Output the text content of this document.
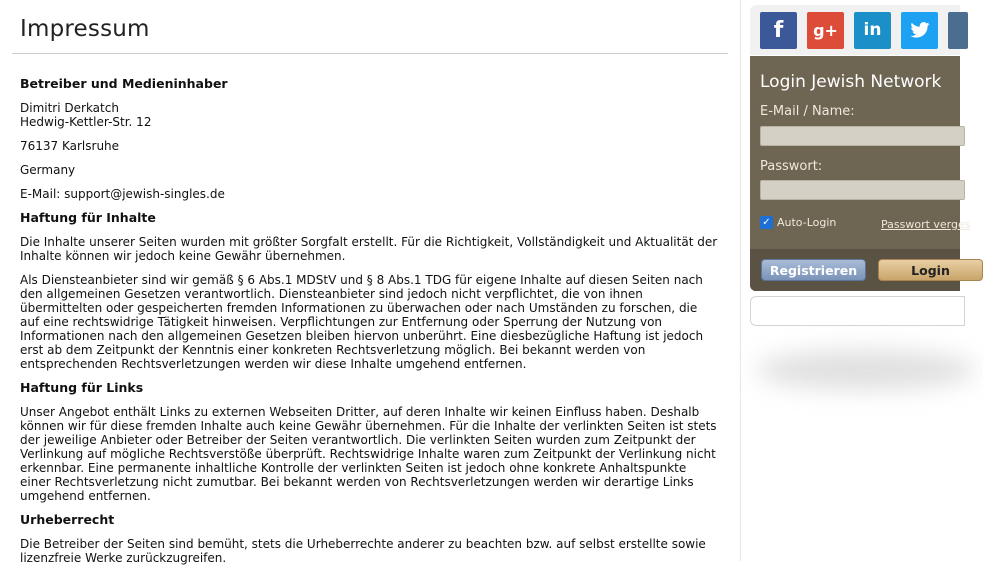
Impressum
Betreiber und Medieninhaber

Dimitri Derkatch
Hedwig-Kettler-Str. 12

76137 Karlsruhe

Germany

E-Mail: support@jewish-singles.de

Haftung für Inhalte

Die Inhalte unserer Seiten wurden mit größter Sorgfalt erstellt. Für die Richtigkeit, Vollständigkeit und Aktualität der Inhalte können wir jedoch keine Gewähr übernehmen.

Als Diensteanbieter sind wir gemäß § 6 Abs.1 MDStV und § 8 Abs.1 TDG für eigene Inhalte auf diesen Seiten nach den allgemeinen Gesetzen verantwortlich. Diensteanbieter sind jedoch nicht verpflichtet, die von ihnen übermittelten oder gespeicherten fremden Informationen zu überwachen oder nach Umständen zu forschen, die auf eine rechtswidrige Tätigkeit hinweisen. Verpflichtungen zur Entfernung oder Sperrung der Nutzung von Informationen nach den allgemeinen Gesetzen bleiben hiervon unberührt. Eine diesbezügliche Haftung ist jedoch erst ab dem Zeitpunkt der Kenntnis einer konkreten Rechtsverletzung möglich. Bei bekannt werden von entsprechenden Rechtsverletzungen werden wir diese Inhalte umgehend entfernen.

Haftung für Links

Unser Angebot enthält Links zu externen Webseiten Dritter, auf deren Inhalte wir keinen Einfluss haben. Deshalb können wir für diese fremden Inhalte auch keine Gewähr übernehmen. Für die Inhalte der verlinkten Seiten ist stets der jeweilige Anbieter oder Betreiber der Seiten verantwortlich. Die verlinkten Seiten wurden zum Zeitpunkt der Verlinkung auf mögliche Rechtsverstöße überprüft. Rechtswidrige Inhalte waren zum Zeitpunkt der Verlinkung nicht erkennbar. Eine permanente inhaltliche Kontrolle der verlinkten Seiten ist jedoch ohne konkrete Anhaltspunkte einer Rechtsverletzung nicht zumutbar. Bei bekannt werden von Rechtsverletzungen werden wir derartige Links umgehend entfernen.

Urheberrecht

Die Betreiber der Seiten sind bemüht, stets die Urheberrechte anderer zu beachten bzw. auf selbst erstellte sowie lizenzfreie Werke zurückzugreifen.

f	g+	in
Login Jewish Network
E-Mail / Name:
Passwort:
✓ Auto-Login	Passwort verges
Registrieren	Login
